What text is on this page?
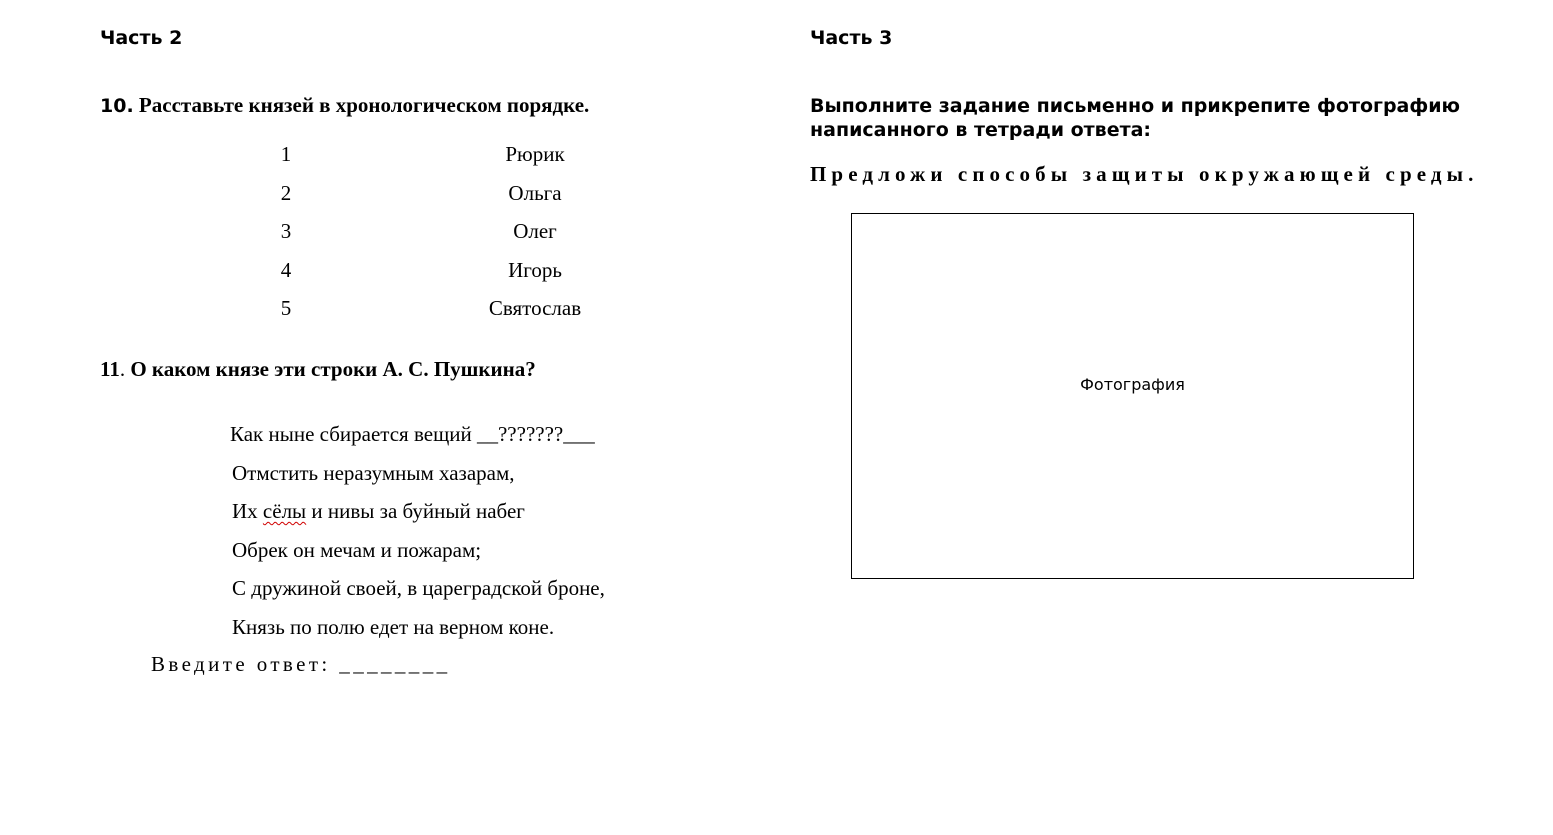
Часть 2
10. Расставьте князей в хронологическом порядке.
1	Рюрик
2	Ольга
3	Олег
4	Игорь
5	Святослав
11. О каком князе эти строки А. С. Пушкина?
Как ныне сбирается вещий __???????___
Отмстить неразумным хазарам,
Их сёлы и нивы за буйный набег
Обрек он мечам и пожарам;
С дружиной своей, в цареградской броне,
Князь по полю едет на верном коне.
Введите ответ: ________
Часть 3
Выполните задание письменно и прикрепите фотографию
написанного в тетради ответа:
Предложи способы защиты окружающей среды.
Фотография
